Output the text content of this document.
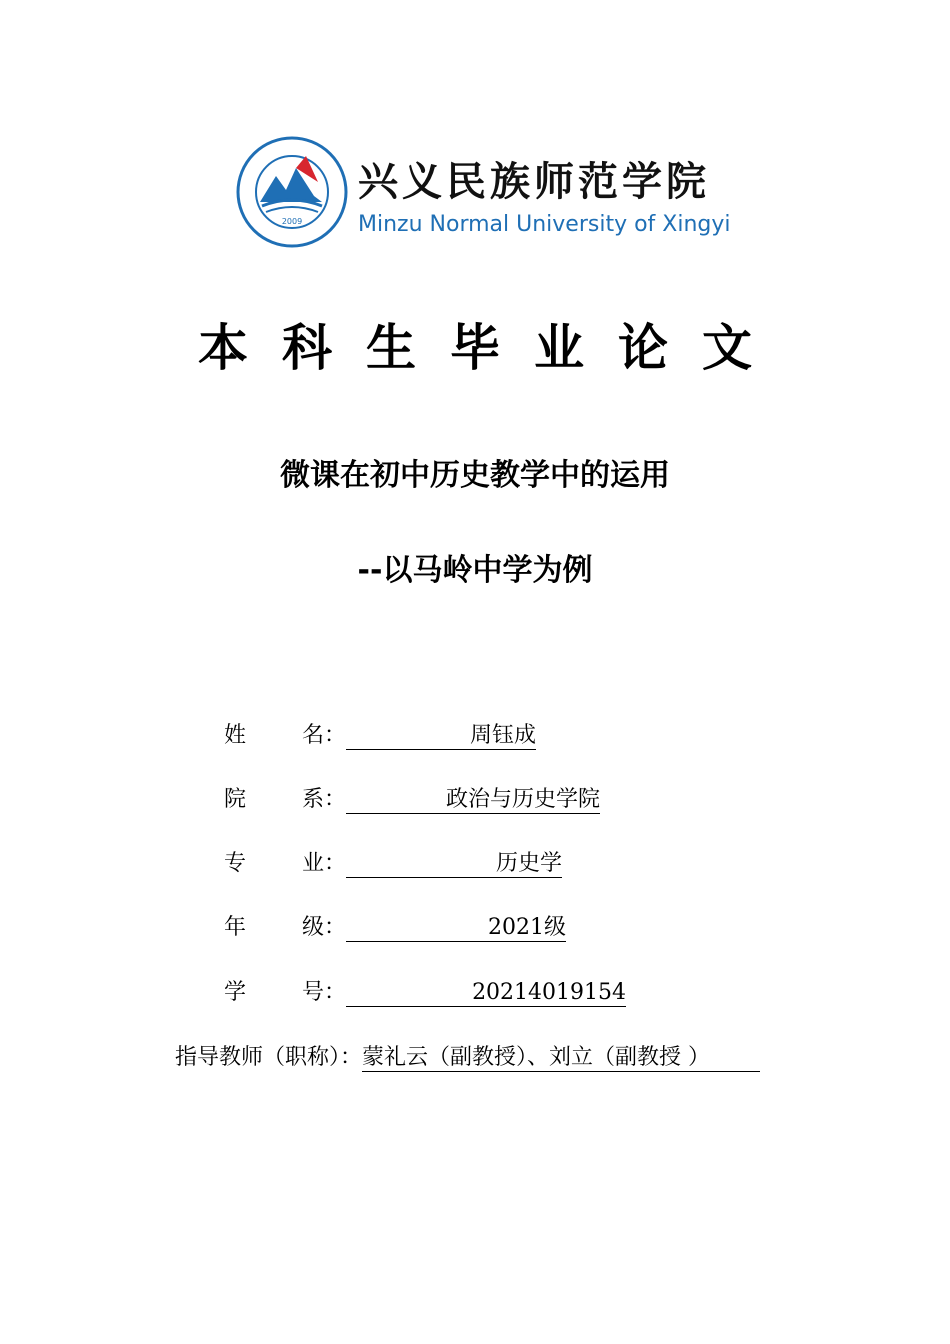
2009
兴义民族师范学院
Minzu Normal University of Xingyi
本科生毕业论文
微课在初中历史教学中的运用
--以马岭中学为例
姓	名 ：	周钰成
院	系 ：	政治与历史学院
专	业 ：	历史学
年	级 ：	2021级
学	号 ：	20214019154
指导教师（职称）： 蒙礼云（副教授）、刘立（副教授 ）
